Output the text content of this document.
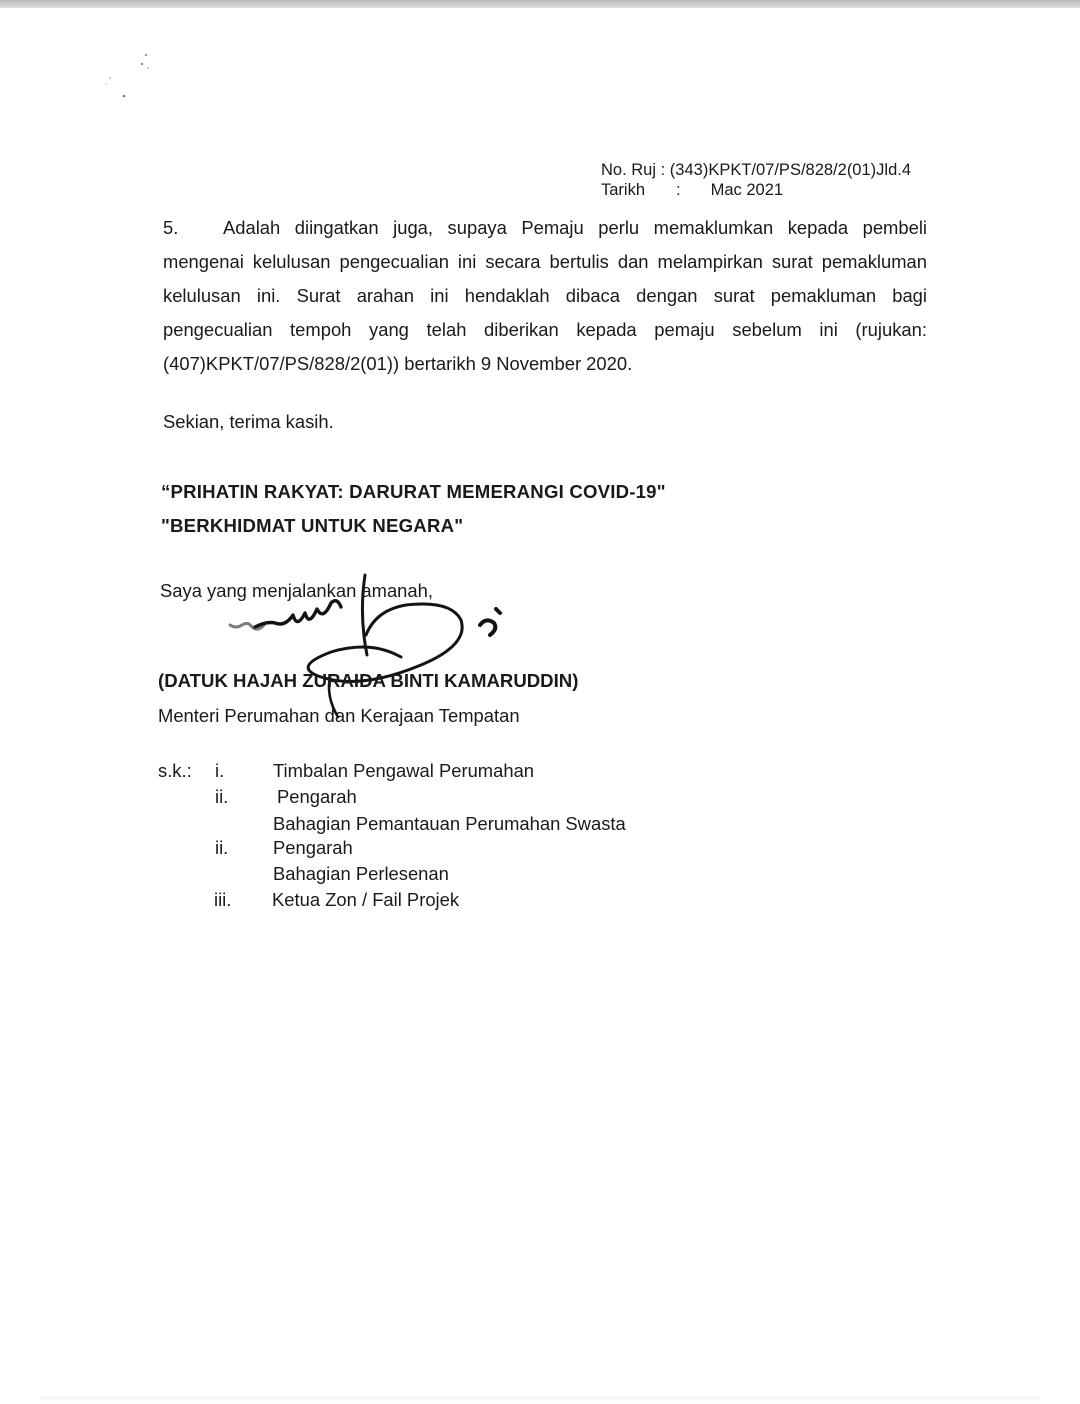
No. Ruj : (343)KPKT/07/PS/828/2(01)Jld.4
Tarikh : Mac 2021
5. Adalah diingatkan juga, supaya Pemaju perlu memaklumkan kepada pembeli mengenai kelulusan pengecualian ini secara bertulis dan melampirkan surat pemakluman kelulusan ini. Surat arahan ini hendaklah dibaca dengan surat pemakluman bagi pengecualian tempoh yang telah diberikan kepada pemaju sebelum ini (rujukan:(407)KPKT/07/PS/828/2(01)) bertarikh 9 November 2020.
Sekian, terima kasih.
“PRIHATIN RAKYAT: DARURAT MEMERANGI COVID-19"
"BERKHIDMAT UNTUK NEGARA"
Saya yang menjalankan amanah,
(DATUK HAJAH ZURAIDA BINTI KAMARUDDIN)
Menteri Perumahan dan Kerajaan Tempatan
s.k.: i.	Timbalan Pengawal Perumahan
ii.	Pengarah
Bahagian Pemantauan Perumahan Swasta
ii. Pengarah
Bahagian Perlesenan
iii. Ketua Zon / Fail Projek
